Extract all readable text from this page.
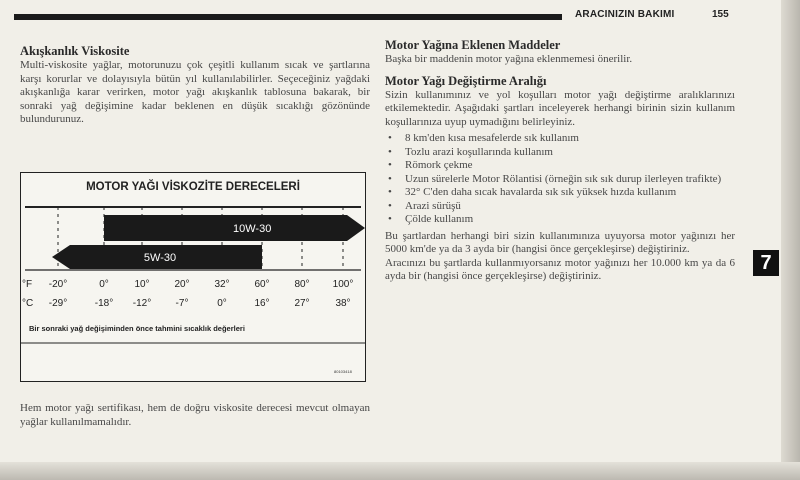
ARACINIZIN BAKIMI	155
Akışkanlık Viskosite

Multi-viskosite yağlar, motorunuzu çok çeşitli kullanım sıcak ve şartlarına karşı korurlar ve dolayısıyla bütün yıl kullanılabilirler. Seçeceğiniz yağdaki akışkanlığa karar verirken, motor yağı akışkanlık tablosuna bakarak, bir sonraki yağ değişimine kadar beklenen en düşük sıcaklığı gözönünde bulundurunuz.

MOTOR YAĞI VİSKOZİTE DERECELERİ
10W-30
5W-30
°F
°C
-20°	0°	10° 20° 32° 60° 80° 100°
-29°	-18° -12° -7°	0°	16° 27°	38°
Bir sonraki yağ değişiminden önce tahmini sıcaklık değerleri
80103418

Hem motor yağı sertifikası, hem de doğru viskosite derecesi mevcut olmayan yağlar kullanılmamalıdır.

Motor Yağına Eklenen Maddeler

Başka bir maddenin motor yağına eklenmemesi önerilir.

Motor Yağı Değiştirme Aralığı

Sizin kullanımınız ve yol koşulları motor yağı değiştirme aralıklarınızı etkilemektedir. Aşağıdaki şartları inceleyerek herhangi birinin sizin kullanım koşullarınıza uyup uymadığını belirleyiniz.

• 8 km'den kısa mesafelerde sık kullanım
• Tozlu arazi koşullarında kullanım
• Römork çekme
• Uzun sürelerle Motor Rölantisi (örneğin sık sık durup ilerleyen trafikte)
• 32° C'den daha sıcak havalarda sık sık yüksek hızda kullanım
• Arazi sürüşü
• Çölde kullanım

Bu şartlardan herhangi biri sizin kullanımınıza uyuyorsa motor yağınızı her 5000 km'de ya da 3 ayda bir (hangisi önce gerçekleşirse) değiştiriniz.

Aracınızı bu şartlarda kullanmıyorsanız motor yağınızı her 10.000 km ya da 6 ayda bir (hangisi önce gerçekleşirse) değiştiriniz.

7
